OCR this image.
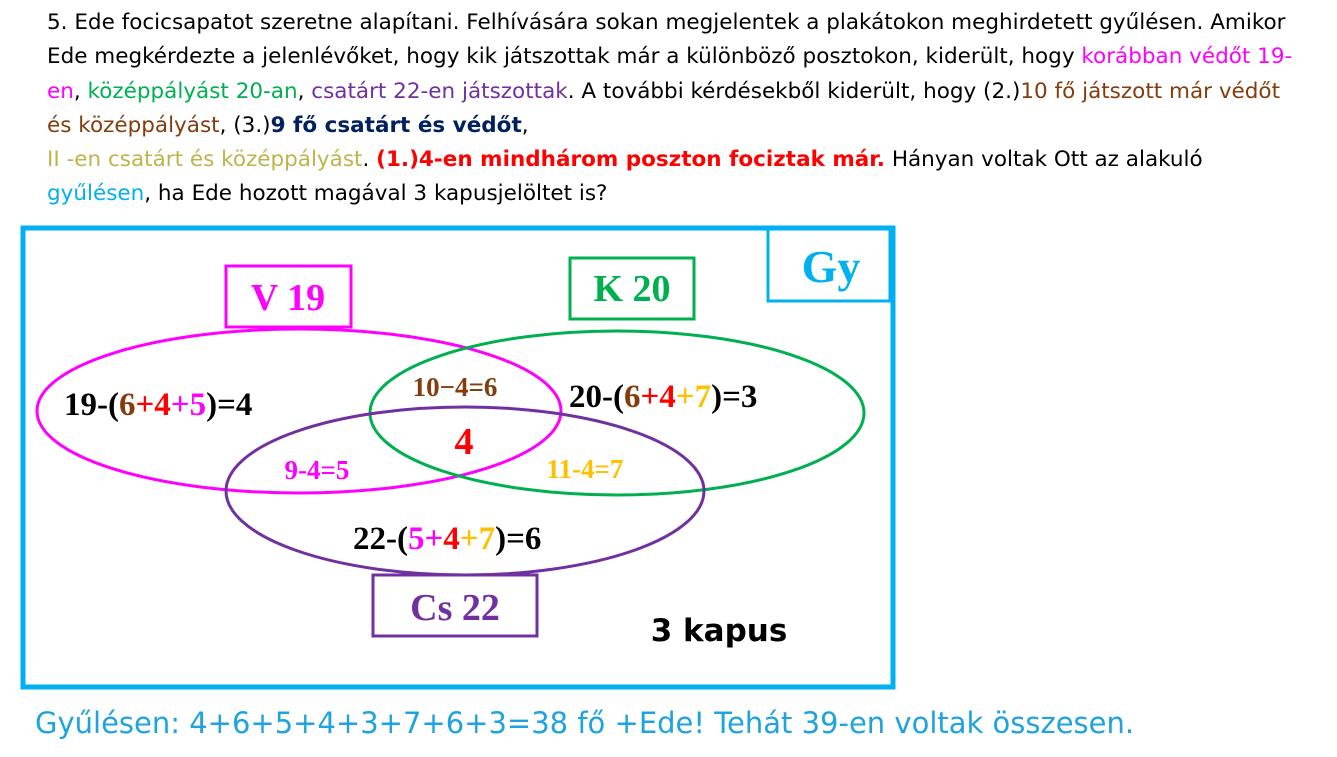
5. Ede focicsapatot szeretne alapítani. Felhívására sokan megjelentek a plakátokon meghirdetett gyűlésen. Amikor Ede megkérdezte a jelenlévőket, hogy kik játszottak már a különböző posztokon, kiderült, hogy korábban védőt 19-en, középpályást 20-an, csatárt 22-en játszottak. A további kérdésekből kiderült, hogy (2.)10 fő játszott már védőt és középpályást, (3.)9 fő csatárt és védőt,
II -en csatárt és középpályást. (1.)4-en mindhárom poszton fociztak már. Hányan voltak Ott az alakuló gyűlésen, ha Ede hozott magával 3 kapusjelöltet is?
Gy
V 19	K 20
Cs 22
19-(6+4+5)=4	20-(6+4+7)=3
22-(5+4+7)=6
10−4=6
9-4=5	11-4=7
4
3 kapus
Gyűlésen: 4+6+5+4+3+7+6+3=38 fő +Ede! Tehát 39-en voltak összesen.
